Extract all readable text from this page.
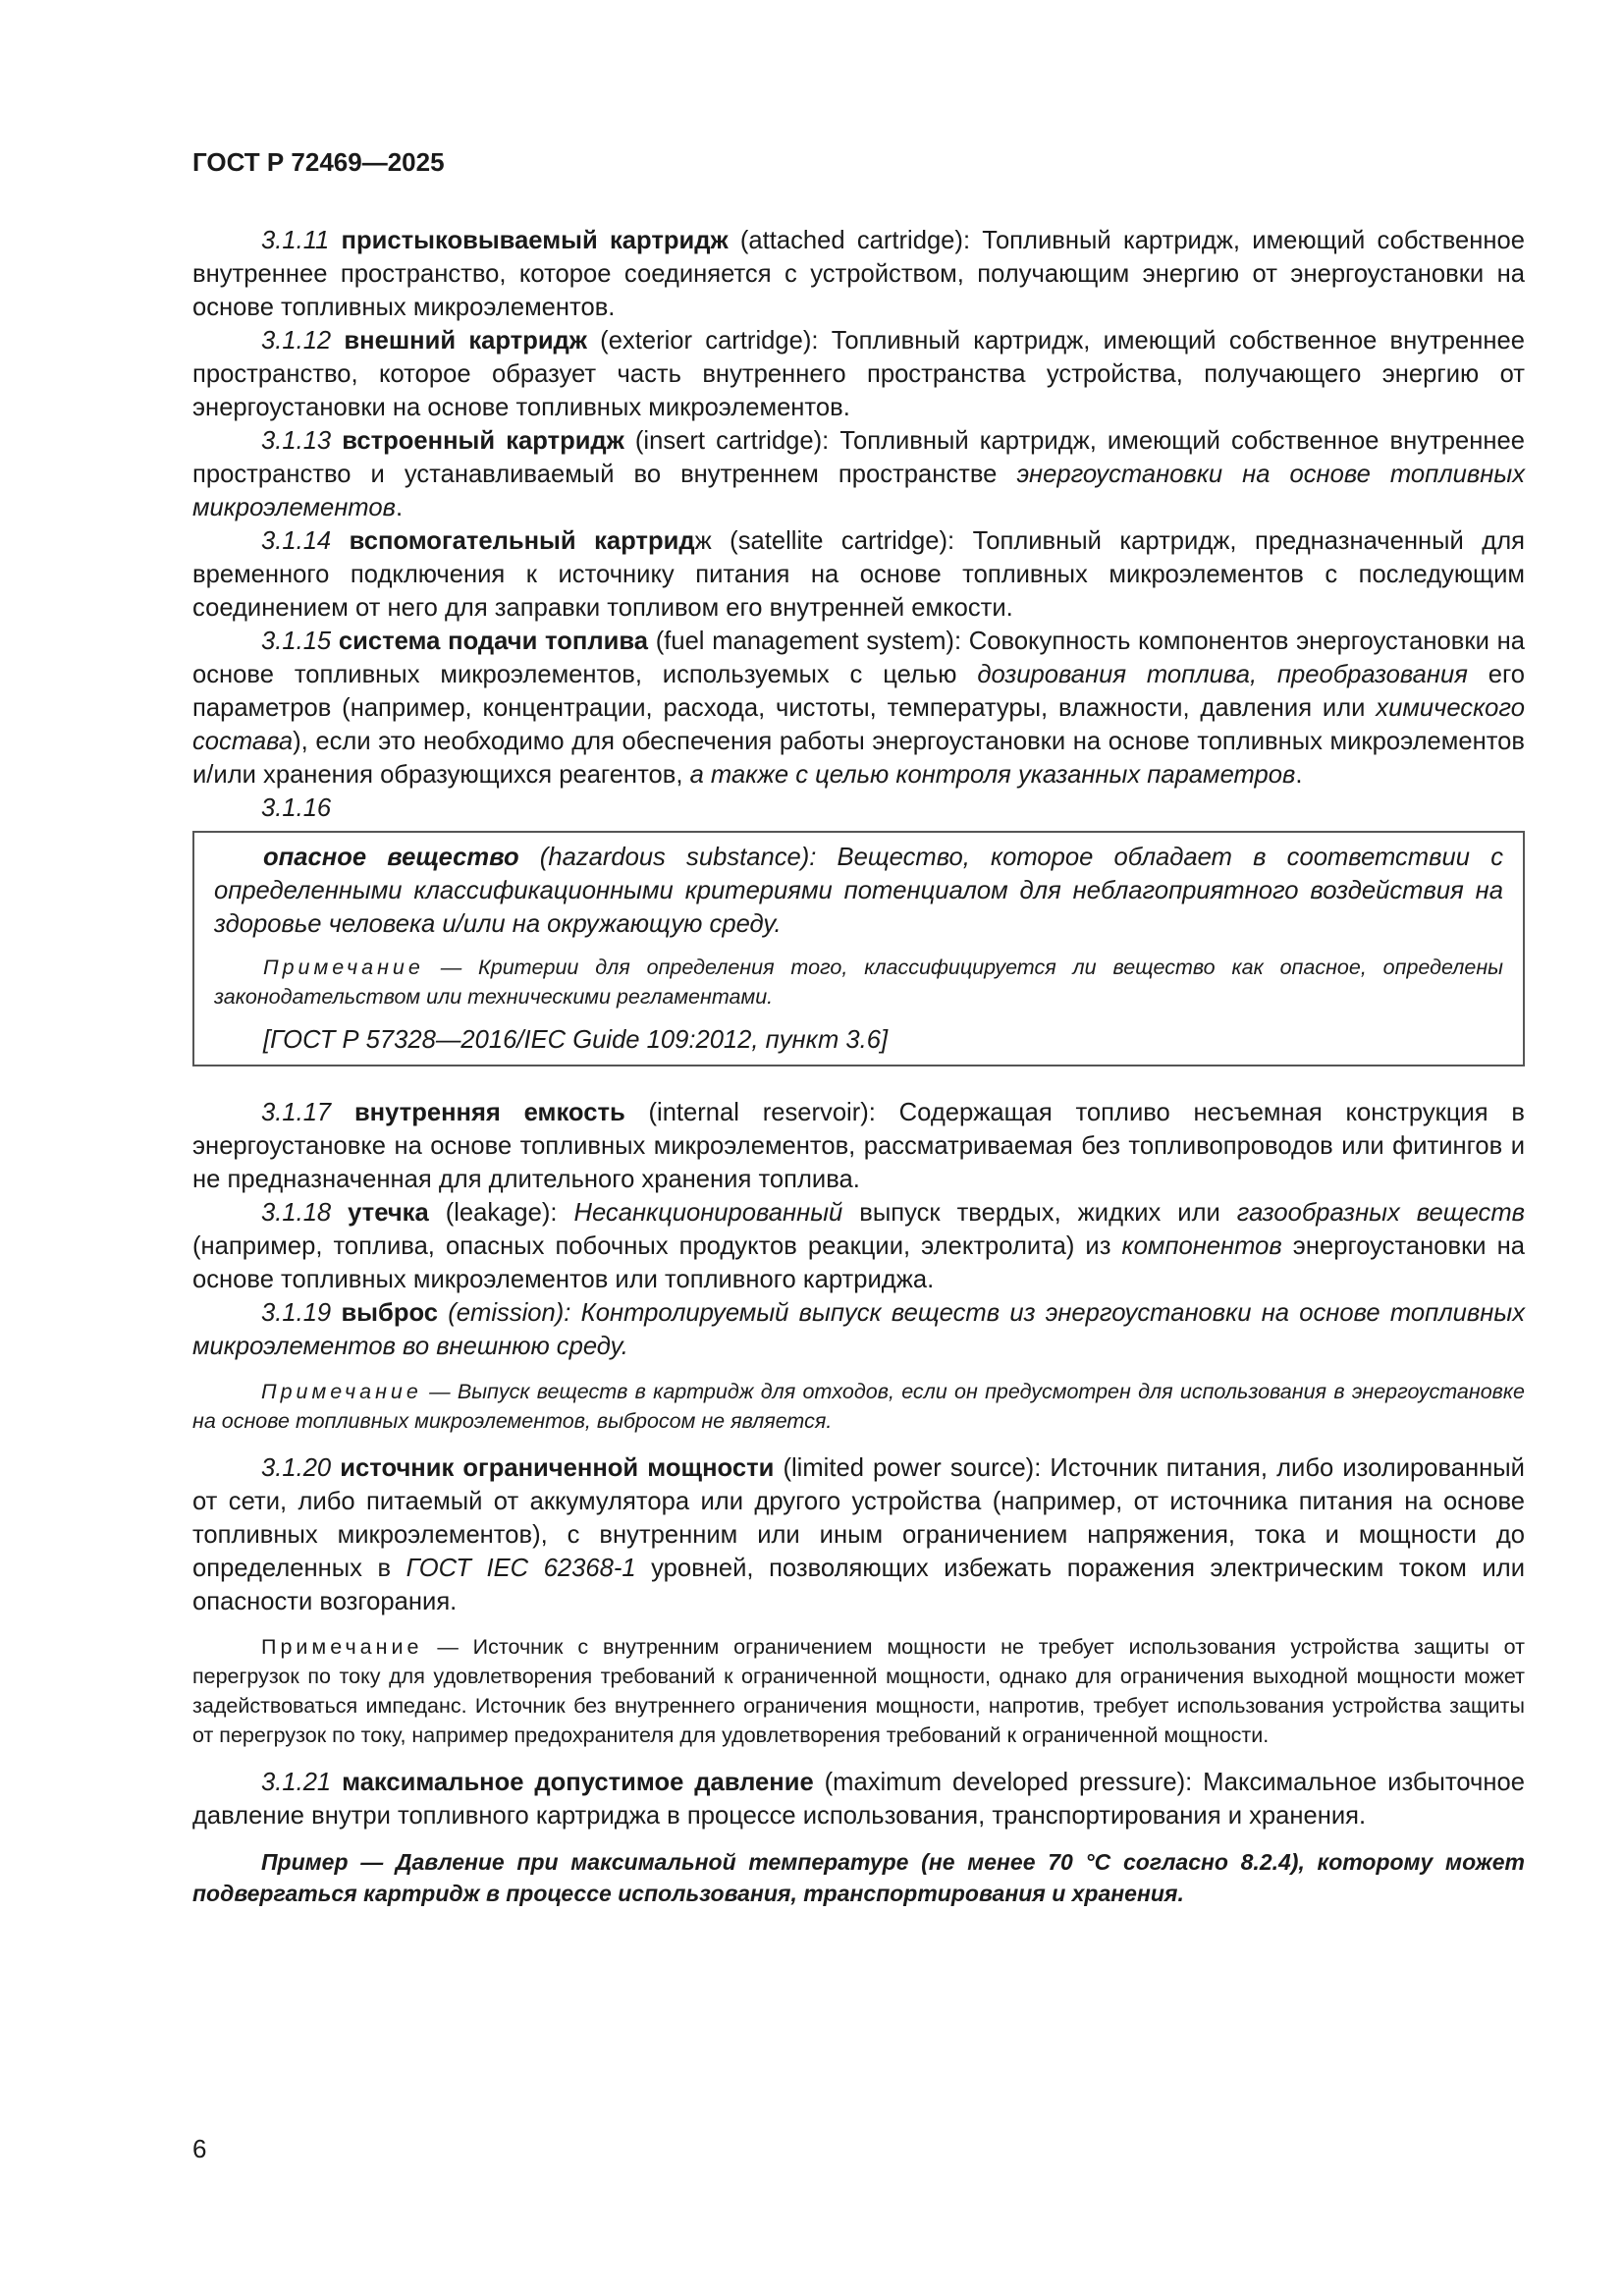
ГОСТ Р 72469—2025

3.1.11 пристыковываемый картридж (attached cartridge): Топливный картридж, имеющий собственное внутреннее пространство, которое соединяется с устройством, получающим энергию от энергоустановки на основе топливных микроэлементов.

3.1.12 внешний картридж (exterior cartridge): Топливный картридж, имеющий собственное внутреннее пространство, которое образует часть внутреннего пространства устройства, получающего энергию от энергоустановки на основе топливных микроэлементов.

3.1.13 встроенный картридж (insert cartridge): Топливный картридж, имеющий собственное внутреннее пространство и устанавливаемый во внутреннем пространстве энергоустановки на основе топливных микроэлементов.

3.1.14 вспомогательный картридж (satellite cartridge): Топливный картридж, предназначенный для временного подключения к источнику питания на основе топливных микроэлементов с последующим соединением от него для заправки топливом его внутренней емкости.

3.1.15 система подачи топлива (fuel management system): Совокупность компонентов энергоустановки на основе топливных микроэлементов, используемых с целью дозирования топлива, преобразования его параметров (например, концентрации, расхода, чистоты, температуры, влажности, давления или химического состава), если это необходимо для обеспечения работы энергоустановки на основе топливных микроэлементов и/или хранения образующихся реагентов, а также с целью контроля указанных параметров.

3.1.16

опасное вещество (hazardous substance): Вещество, которое обладает в соответствии с определенными классификационными критериями потенциалом для неблагоприятного воздействия на здоровье человека и/или на окружающую среду.

Примечание — Критерии для определения того, классифицируется ли вещество как опасное, определены законодательством или техническими регламентами.

[ГОСТ Р 57328—2016/IEC Guide 109:2012, пункт 3.6]

3.1.17 внутренняя емкость (internal reservoir): Содержащая топливо несъемная конструкция в энергоустановке на основе топливных микроэлементов, рассматриваемая без топливопроводов или фитингов и не предназначенная для длительного хранения топлива.

3.1.18 утечка (leakage): Несанкционированный выпуск твердых, жидких или газообразных веществ (например, топлива, опасных побочных продуктов реакции, электролита) из компонентов энергоустановки на основе топливных микроэлементов или топливного картриджа.

3.1.19 выброс (emission): Контролируемый выпуск веществ из энергоустановки на основе топливных микроэлементов во внешнюю среду.

Примечание — Выпуск веществ в картридж для отходов, если он предусмотрен для использования в энергоустановке на основе топливных микроэлементов, выбросом не является.

3.1.20 источник ограниченной мощности (limited power source): Источник питания, либо изолированный от сети, либо питаемый от аккумулятора или другого устройства (например, от источника питания на основе топливных микроэлементов), с внутренним или иным ограничением напряжения, тока и мощности до определенных в ГОСТ IEC 62368-1 уровней, позволяющих избежать поражения электрическим током или опасности возгорания.

Примечание — Источник с внутренним ограничением мощности не требует использования устройства защиты от перегрузок по току для удовлетворения требований к ограниченной мощности, однако для ограничения выходной мощности может задействоваться импеданс. Источник без внутреннего ограничения мощности, напротив, требует использования устройства защиты от перегрузок по току, например предохранителя для удовлетворения требований к ограниченной мощности.

3.1.21 максимальное допустимое давление (maximum developed pressure): Максимальное избыточное давление внутри топливного картриджа в процессе использования, транспортирования и хранения.

Пример — Давление при максимальной температуре (не менее 70 °C согласно 8.2.4), которому может подвергаться картридж в процессе использования, транспортирования и хранения.

6
